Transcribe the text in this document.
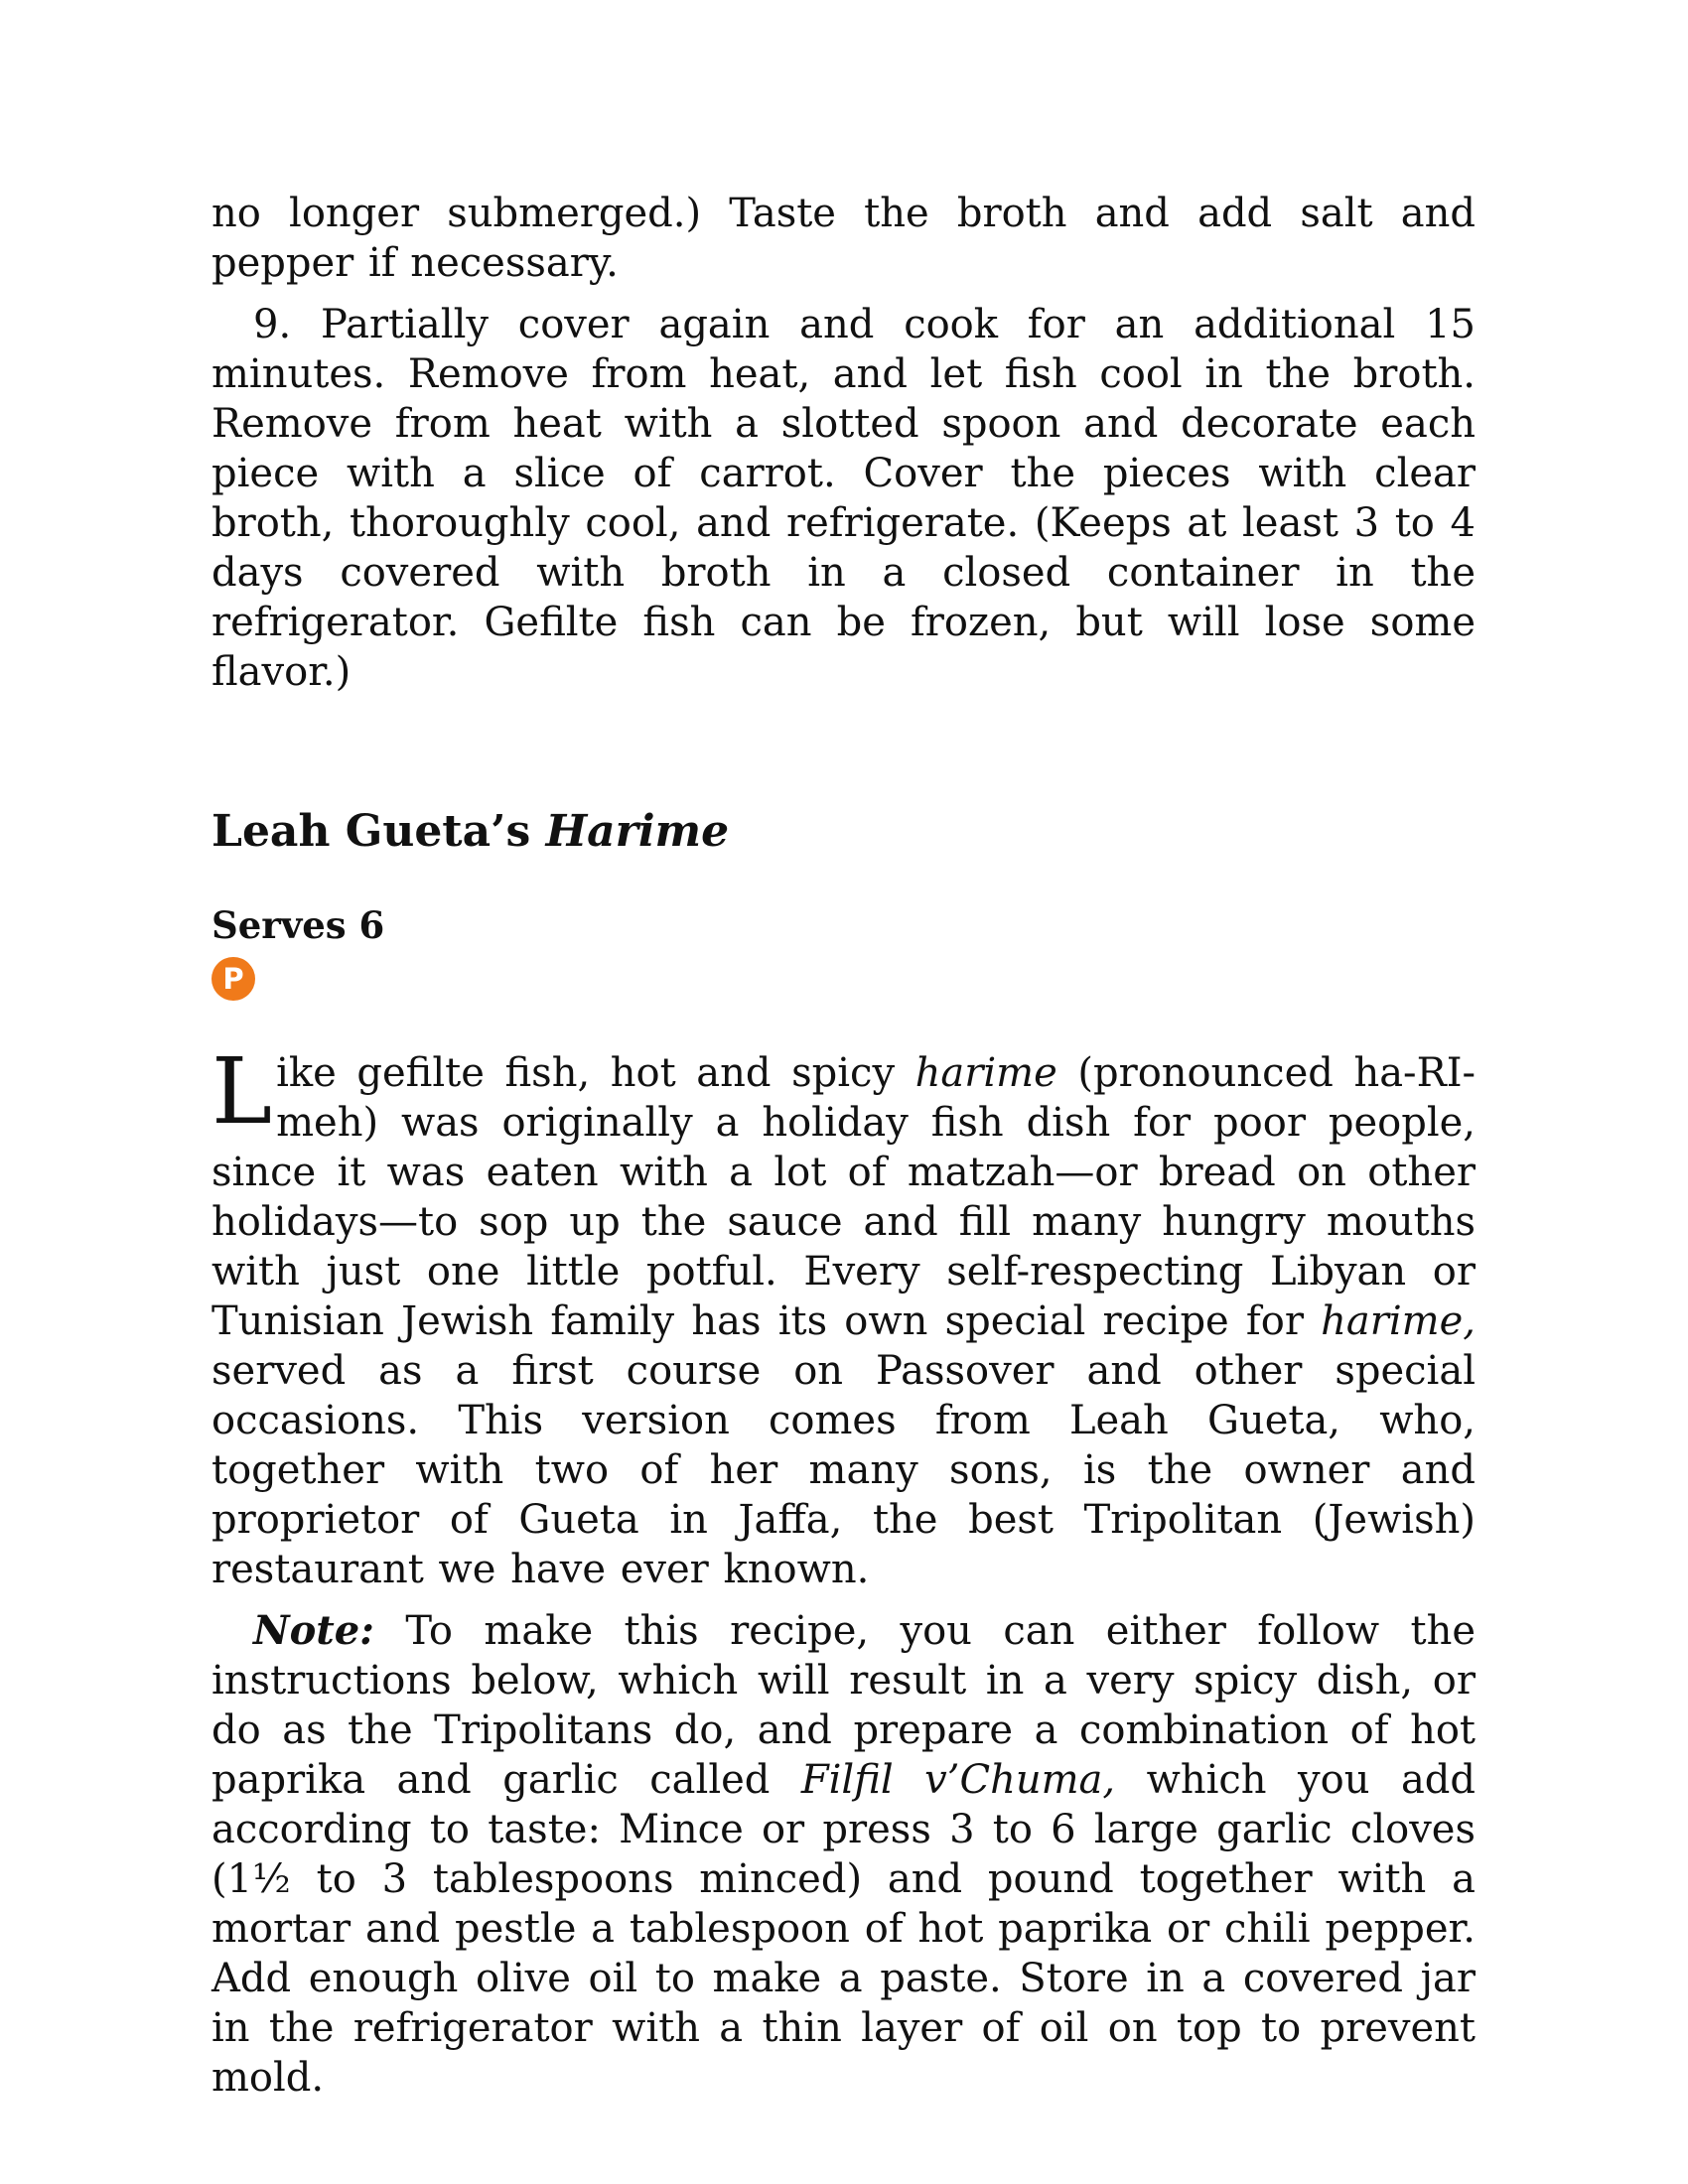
no longer submerged.) Taste the broth and add salt and pepper if necessary.

9. Partially cover again and cook for an additional 15 minutes. Remove from heat, and let fish cool in the broth. Remove from heat with a slotted spoon and decorate each piece with a slice of carrot. Cover the pieces with clear broth, thoroughly cool, and refrigerate. (Keeps at least 3 to 4 days covered with broth in a closed container in the refrigerator. Gefilte fish can be frozen, but will lose some flavor.)

Leah Gueta’s Harime

Serves 6

P

Like gefilte fish, hot and spicy harime (pronounced ha-RI-meh) was originally a holiday fish dish for poor people, since it was eaten with a lot of matzah—or bread on other holidays—to sop up the sauce and fill many hungry mouths with just one little potful. Every self-respecting Libyan or Tunisian Jewish family has its own special recipe for harime, served as a first course on Passover and other special occasions. This version comes from Leah Gueta, who, together with two of her many sons, is the owner and proprietor of Gueta in Jaffa, the best Tripolitan (Jewish) restaurant we have ever known.

Note: To make this recipe, you can either follow the instructions below, which will result in a very spicy dish, or do as the Tripolitans do, and prepare a combination of hot paprika and garlic called Filfil v’Chuma, which you add according to taste: Mince or press 3 to 6 large garlic cloves (1½ to 3 tablespoons minced) and pound together with a mortar and pestle a tablespoon of hot paprika or chili pepper. Add enough olive oil to make a paste. Store in a covered jar in the refrigerator with a thin layer of oil on top to prevent mold.
